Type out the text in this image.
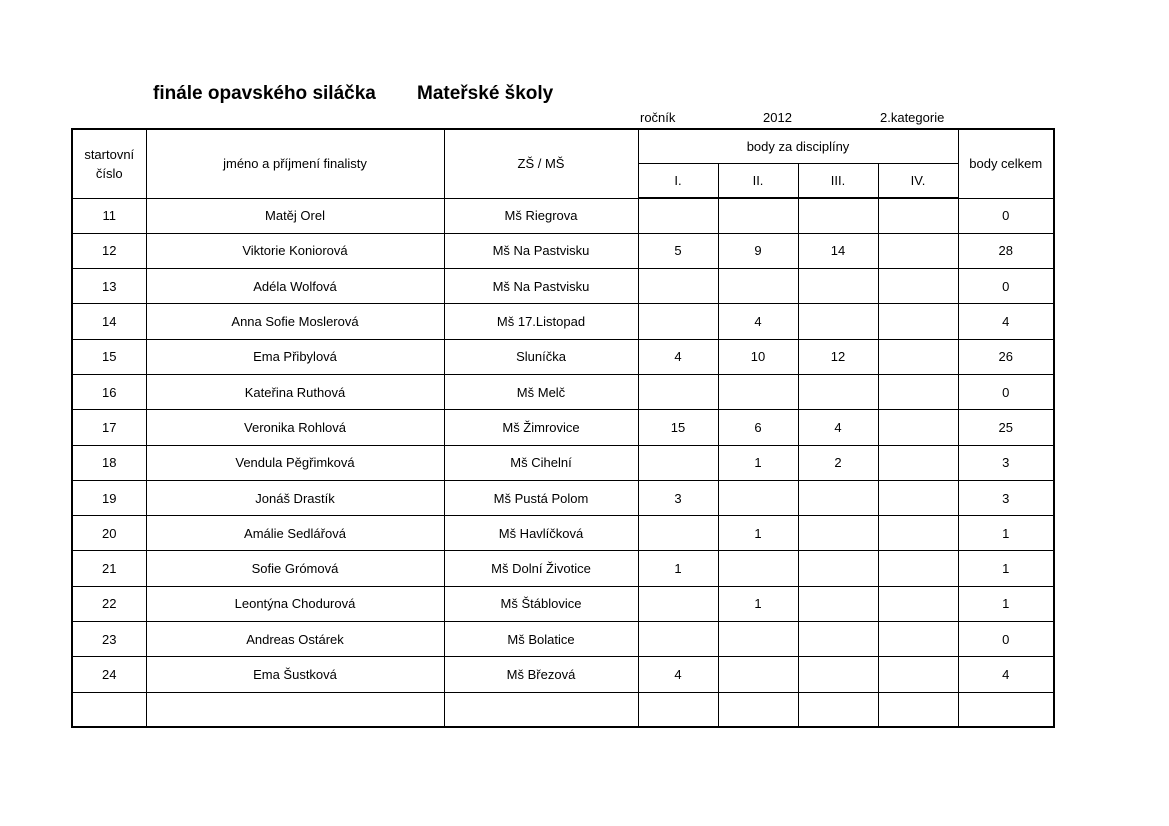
finále opavského siláčka Mateřské školy
ročník	2012	2.kategorie
startovní číslo	jméno a příjmení finalisty	ZŠ / MŠ	body za disciplíny				body celkem
			I.	II.	III.	IV.	
11	Matěj Orel	Mš Riegrova					0
12	Viktorie Koniorová	Mš Na Pastvisku	5	9	14		28
13	Adéla Wolfová	Mš Na Pastvisku					0
14	Anna Sofie Moslerová	Mš 17.Listopad		4			4
15	Ema Přibylová	Sluníčka	4	10	12		26
16	Kateřina Ruthová	Mš Melč					0
17	Veronika Rohlová	Mš Žimrovice	15	6	4		25
18	Vendula Pěgřimková	Mš Cihelní		1	2		3
19	Jonáš Drastík	Mš Pustá Polom	3				3
20	Amálie Sedlářová	Mš Havlíčková		1			1
21	Sofie Grómová	Mš Dolní Životice	1				1
22	Leontýna Chodurová	Mš Štáblovice		1			1
23	Andreas Ostárek	Mš Bolatice					0
24	Ema Šustková	Mš Březová	4				4
